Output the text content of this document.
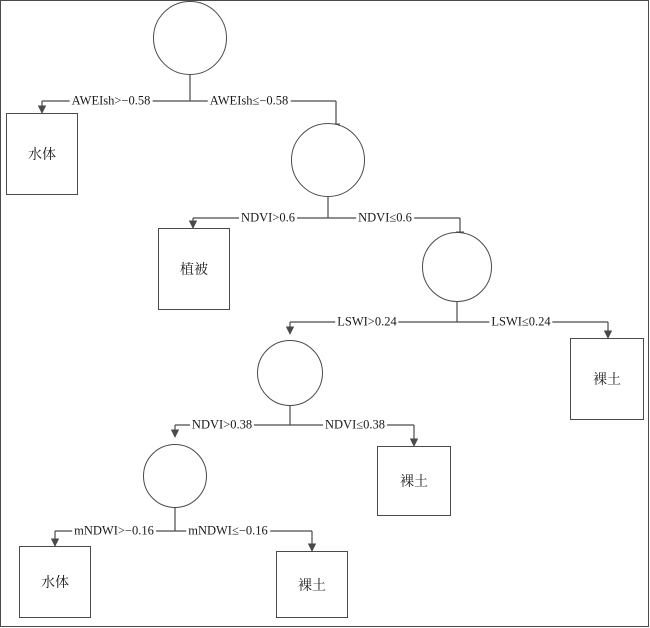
水体
植被
裸土
裸土
水体	裸土
AWEIsh>−0.58	AWEIsh≤−0.58
NDVI>0.6	NDVI≤0.6
LSWI>0.24	LSWI≤0.24
NDVI>0.38	NDVI≤0.38
mNDWI>−0.16	mNDWI≤−0.16
